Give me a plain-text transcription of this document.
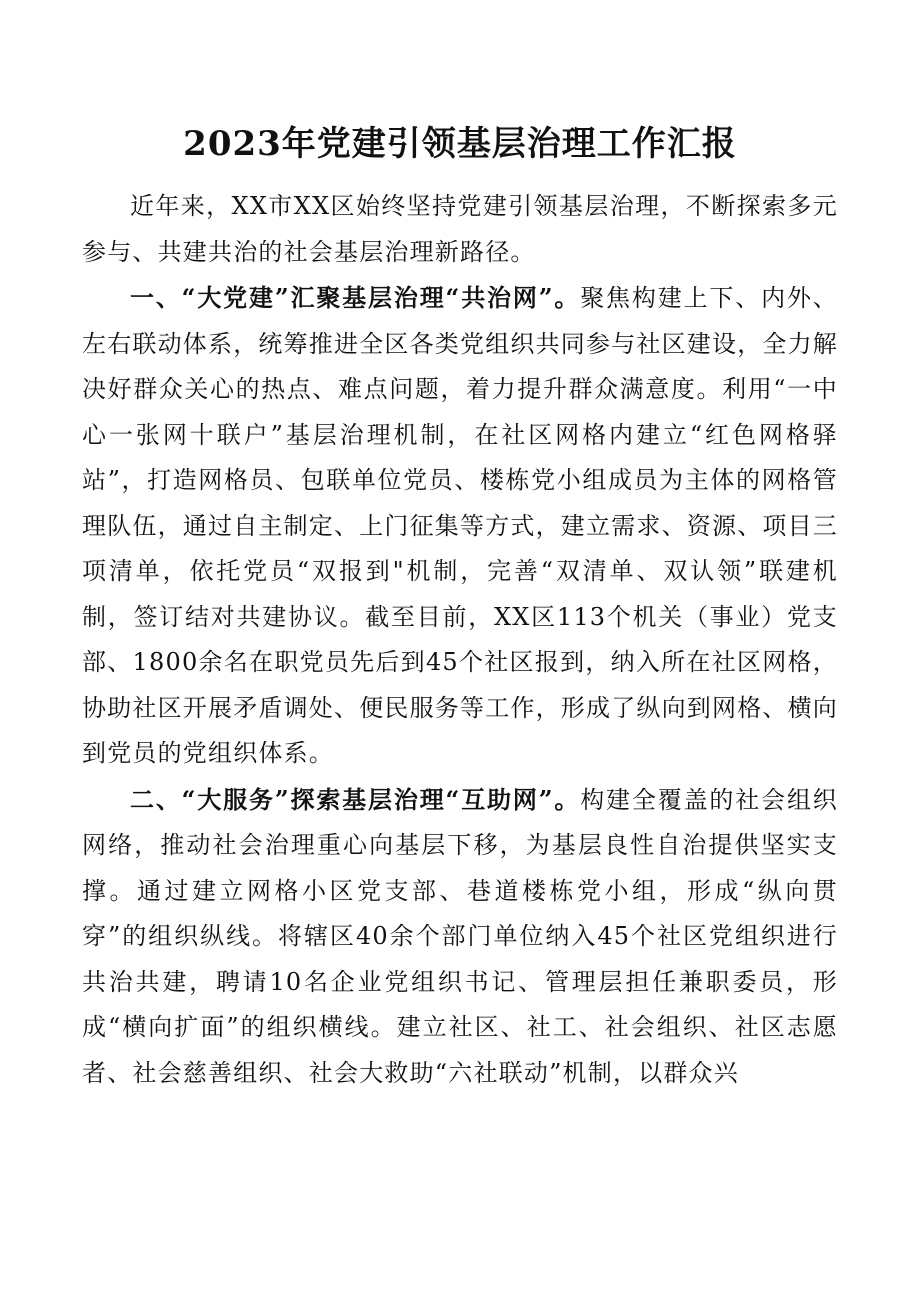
2023年党建引领基层治理工作汇报

近年来，XX市XX区始终坚持党建引领基层治理，不断探索多元参与、共建共治的社会基层治理新路径。

一、“大党建”汇聚基层治理“共治网”。聚焦构建上下、内外、左右联动体系，统筹推进全区各类党组织共同参与社区建设，全力解决好群众关心的热点、难点问题，着力提升群众满意度。利用“一中心一张网十联户”基层治理机制，在社区网格内建立“红色网格驿站”，打造网格员、包联单位党员、楼栋党小组成员为主体的网格管理队伍，通过自主制定、上门征集等方式，建立需求、资源、项目三项清单，依托党员“双报到"机制，完善“双清单、双认领”联建机制，签订结对共建协议。截至目前，XX区113个机关（事业）党支部、1800余名在职党员先后到45个社区报到，纳入所在社区网格，协助社区开展矛盾调处、便民服务等工作，形成了纵向到网格、横向到党员的党组织体系。

二、“大服务”探索基层治理“互助网”。构建全覆盖的社会组织网络，推动社会治理重心向基层下移，为基层良性自治提供坚实支撑。通过建立网格小区党支部、巷道楼栋党小组，形成“纵向贯穿”的组织纵线。将辖区40余个部门单位纳入45个社区党组织进行共治共建，聘请10名企业党组织书记、管理层担任兼职委员，形成“横向扩面”的组织横线。建立社区、社工、社会组织、社区志愿者、社会慈善组织、社会大救助“六社联动”机制，以群众兴
